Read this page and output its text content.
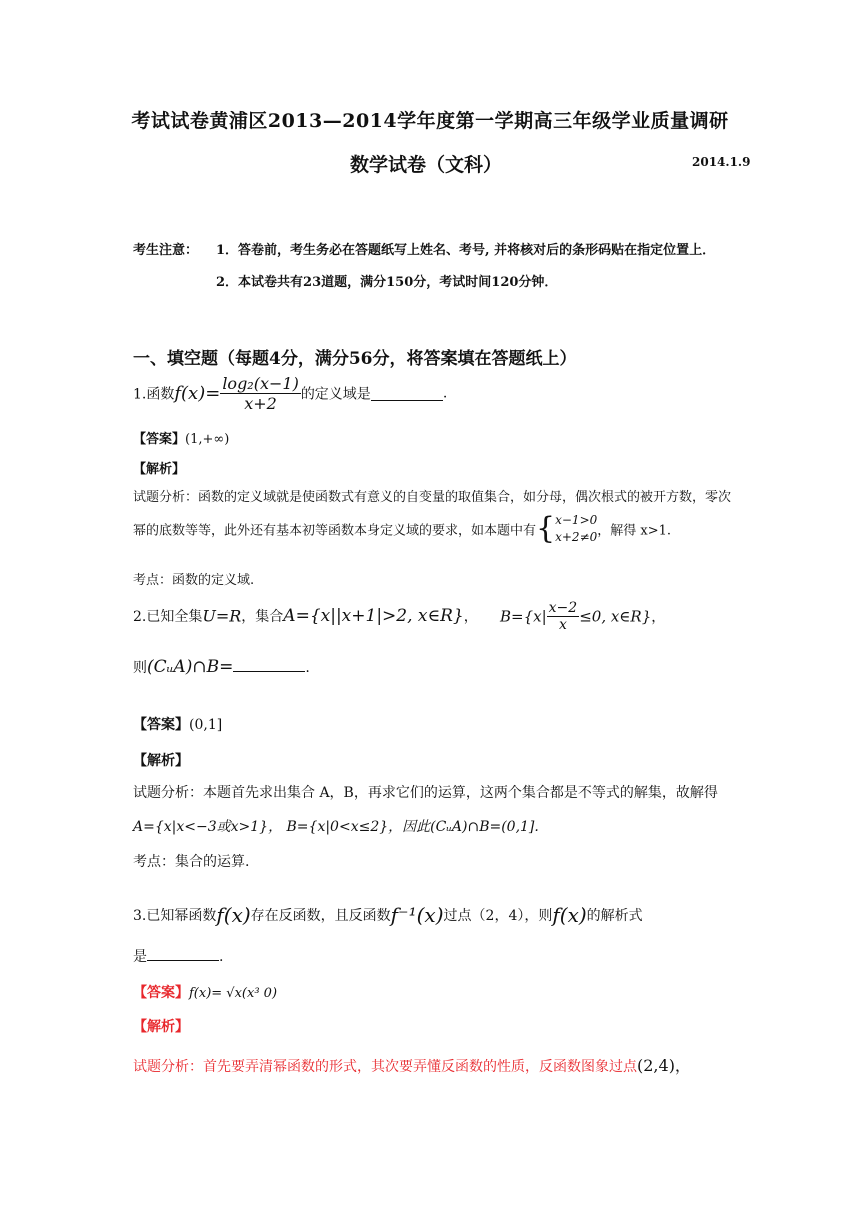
考试试卷黄浦区2013—2014学年度第一学期高三年级学业质量调研
数学试卷（文科）	2014.1.9
考生注意： 1．答卷前，考生务必在答题纸写上姓名、考号, 并将核对后的条形码贴在指定位置上．
2．本试卷共有23道题，满分150分，考试时间120分钟．
一、填空题（每题4分，满分56分，将答案填在答题纸上）
1.函数$f(x)= \frac{\text{log₂(x−1)}}{x+2}$ 的定义域是	.
【答案】(1,+∞)
【解析】
试题分析：函数的定义域就是使函数式有意义的自变量的取值集合，如分母，偶次根式的被开方数，零次
幂的底数等等，此外还有基本初等函数本身定义域的要求，如本题中有{ x−1>0
x+2≠0 ，解得 x>1.
考点：函数的定义域.
2.已知全集U=R，集合A={x||x+1|>2, x∈R}， $B=\{x| \frac{x-2}{x} \le 0$, x∈R}，
则(CᵤA)∩B=	.
【答案】(0,1]
【解析】
试题分析：本题首先求出集合 A，B，再求它们的运算，这两个集合都是不等式的解集，故解得
A={x|x<−3或x>1}， B={x|0<x≤2}，因此(CᵤA)∩B=(0,1].
考点：集合的运算.
3.已知幂函数f(x)存在反函数，且反函数f⁻¹(x)过点（2，4），则f(x)的解析式
是	.
【答案】f(x)= √x(x³ 0)
【解析】
试题分析：首先要弄清幂函数的形式，其次要弄懂反函数的性质，反函数图象过点(2,4)，
